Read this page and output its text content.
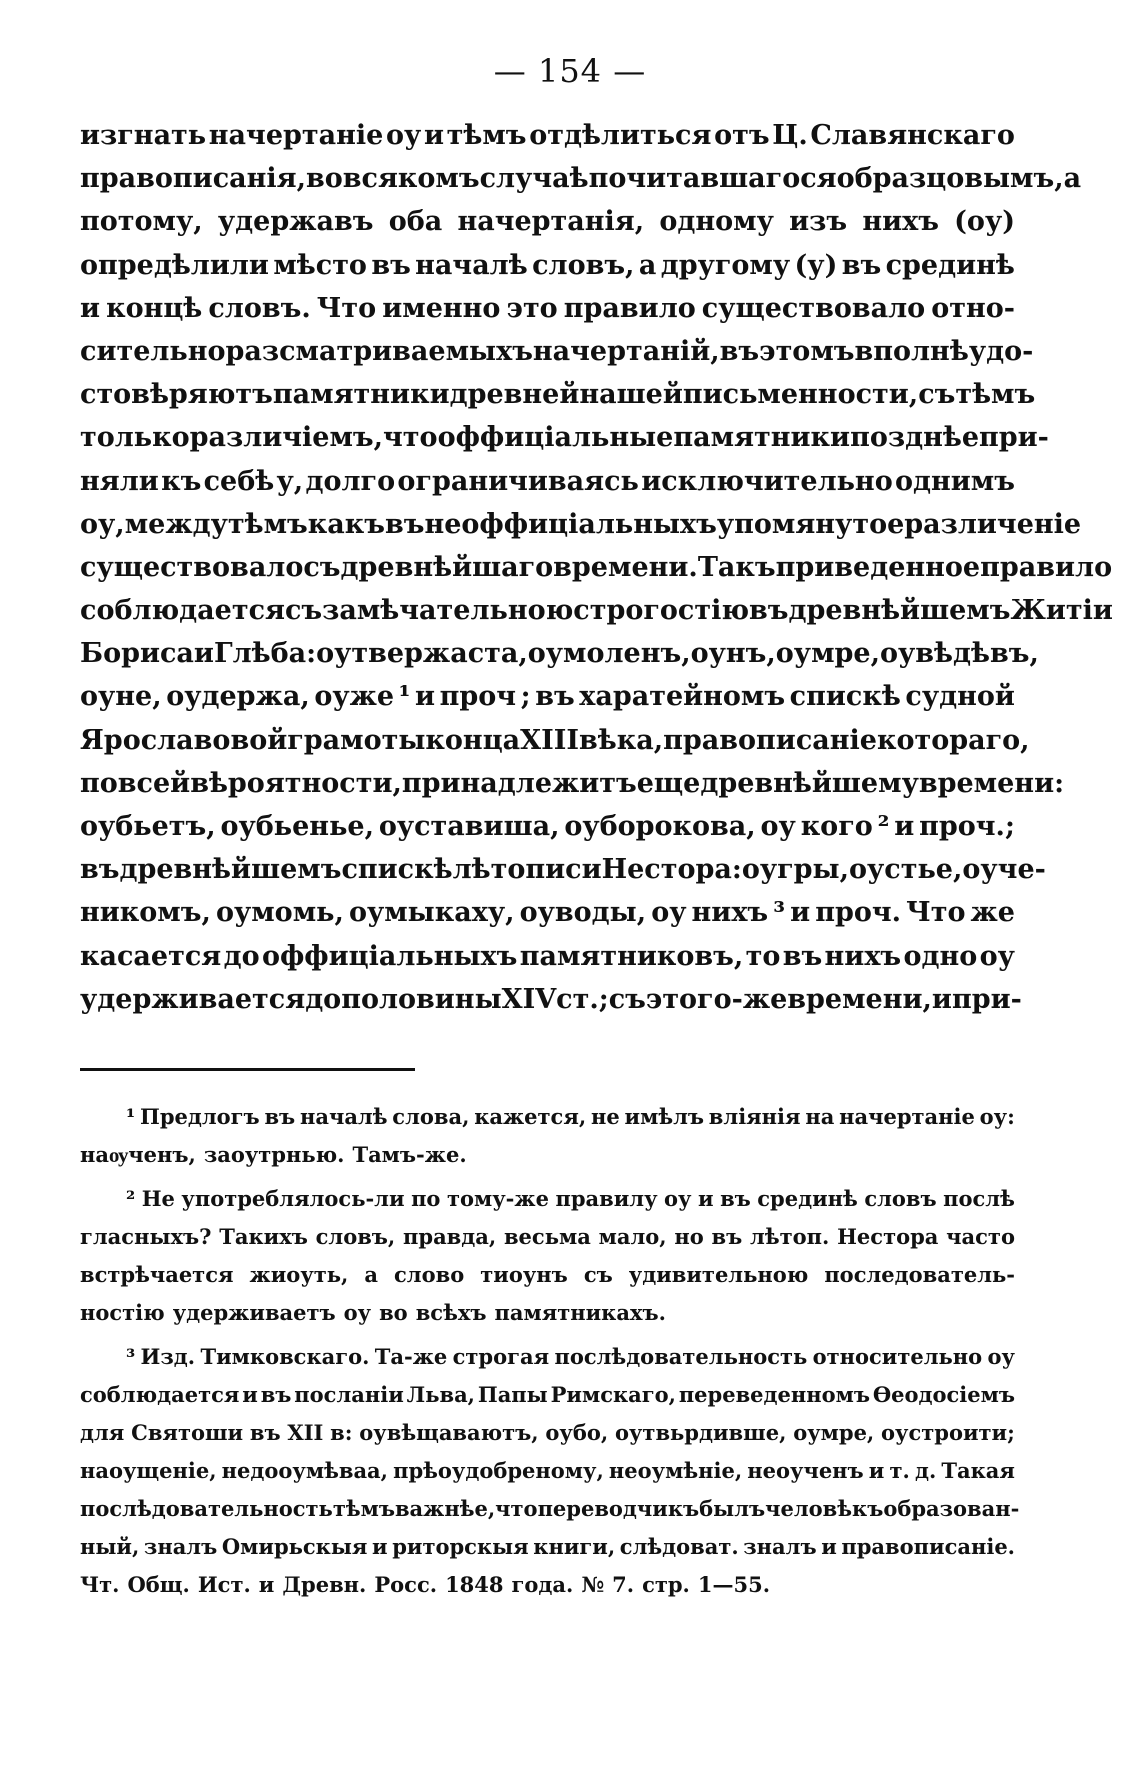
— 154 —
изгнать начертаніе оу и тѣмъ отдѣлиться отъ Ц. Славянскаго
правописанія, во всякомъ случаѣ почитавшагося образцовымъ, а
потому, удержавъ оба начертанія, одному изъ нихъ (оу)
опредѣлили мѣсто въ началѣ словъ, а другому (у) въ срединѣ
и концѣ словъ. Что именно это правило существовало отно-
сительно разсматриваемыхъ начертаній, въ этомъ вполнѣ удо-
стовѣряютъ памятники древней нашей письменности, съ тѣмъ
только различіемъ, что оффиціальные памятники позднѣе при-
няли къ себѣ у, долго ограничиваясь исключительно однимъ
оу, между тѣмъ какъ въ неоффиціальныхъ упомянутое различеніе
существовало съ древнѣйшаго времени. Такъ приведенное правило
соблюдается съ замѣчательною строгостію въ древнѣйшемъ Житіи
Бориса и Глѣба: оутвержаста, оумоленъ, оунъ, оумре, оувѣдѣвъ,
оуне, оудержа, оуже ¹ и проч ; въ харатейномъ спискѣ судной
Ярославовой грамоты конца XIII вѣка, правописаніе котораго,
по всей вѣроятности, принадлежитъ еще древнѣйшему времени:
оубьетъ, оубьенье, оуставиша, оуборокова, оу кого ² и проч.;
въ древнѣйшемъ спискѣ лѣтописи Нестора: оугры, оустье, оуче-
никомъ, оумомь, оумыкаху, оуводы, оу нихъ ³ и проч. Что же
касается до оффиціальныхъ памятниковъ, то въ нихъ одно оу
удерживается до половины XIV ст.; съ этого-же времени, и при-
¹ Предлогъ въ началѣ слова, кажется, не имѣлъ вліянія на начертаніе оу:
наѹченъ, заоутрнью. Тамъ-же.
² Не употреблялось-ли по тому-же правилу оу и въ срединѣ словъ послѣ
гласныхъ? Такихъ словъ, правда, весьма мало, но въ лѣтоп. Нестора часто
встрѣчается жиоуть, а слово тиоунъ съ удивительною последователь-
ностію удерживаетъ оу во всѣхъ памятникахъ.
³ Изд. Тимковскаго. Та-же строгая послѣдовательность относительно оу
соблюдается и въ посланіи Льва, Папы Римскаго, переведенномъ Ѳеодосіемъ
для Святоши въ XII в: оувѣщаваютъ, оубо, оутвьрдивше, оумре, оустроити;
наоущеніе, недооумѣваа, прѣоудобреному, неоумѣніе, неоученъ и т. д. Такая
послѣдовательность тѣмъ важнѣе, что переводчикъ былъ человѣкъ образован-
ный, зналъ Омирьскыя и риторскыя книги, слѣдоват. зналъ и правописаніе.
Чт. Общ. Ист. и Древн. Росс. 1848 года. № 7. стр. 1—55.
